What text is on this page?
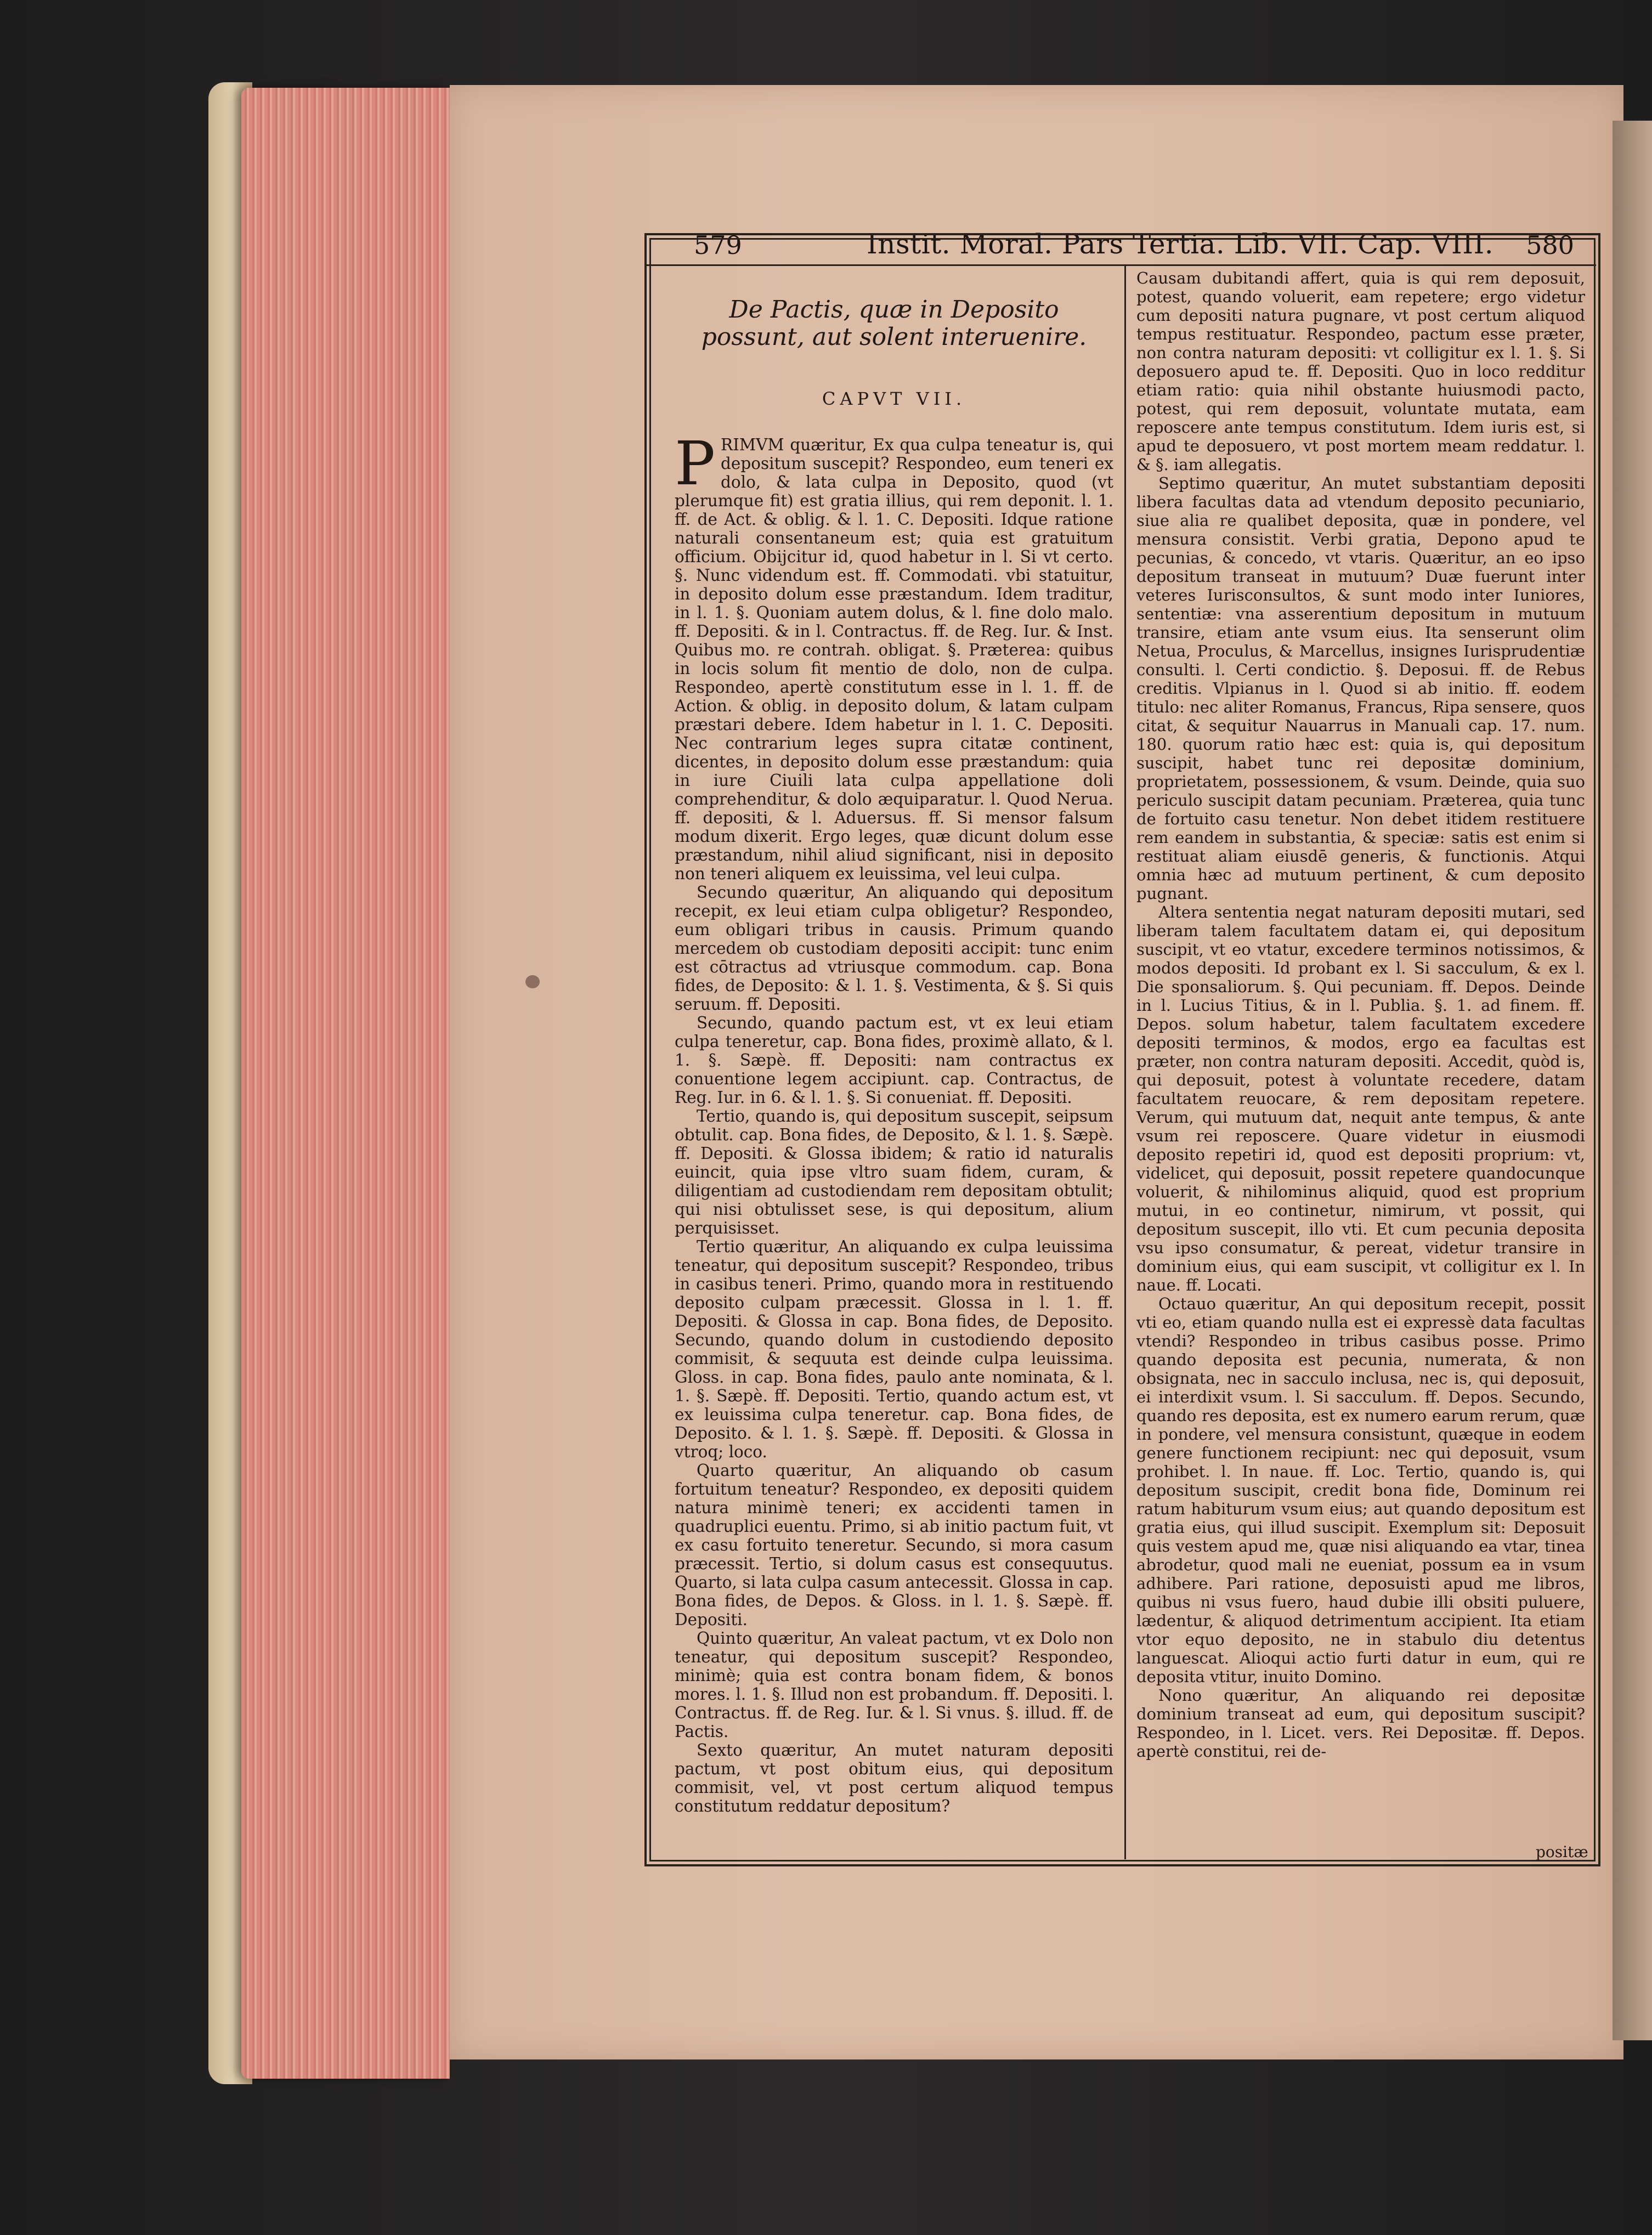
579	Instit. Moral. Pars Tertia. Lib. VII. Cap. VIII. 580
De Pactis, quæ in Deposito possunt, aut solent interuenire.
CAPVT VII.

PRIMVM quæritur, Ex qua culpa teneatur is, qui depositum suscepit? Respondeo, eum teneri ex dolo, & lata culpa in Deposito, quod (vt plerumque fit) est gratia illius, qui rem deponit. l. 1. ff. de Act. & oblig. & l. 1. C. Depositi. Idque ratione naturali consentaneum est; quia est gratuitum officium. Obijcitur id, quod habetur in l. Si vt certo. §. Nunc videndum est. ff. Commodati. vbi statuitur, in deposito dolum esse præstandum. Idem traditur, in l. 1. §. Quoniam autem dolus, & l. fine dolo malo. ff. Depositi. & in l. Contractus. ff. de Reg. Iur. & Inst. Quibus mo. re contrah. obligat. §. Præterea: quibus in locis solum fit mentio de dolo, non de culpa. Respondeo, apertè constitutum esse in l. 1. ff. de Action. & oblig. in deposito dolum, & latam culpam præstari debere. Idem habetur in l. 1. C. Depositi. Nec contrarium leges supra citatæ continent, dicentes, in deposito dolum esse præstandum: quia in iure Ciuili lata culpa appellatione doli comprehenditur, & dolo æquiparatur. l. Quod Nerua. ff. depositi, & l. Aduersus. ff. Si mensor falsum modum dixerit. Ergo leges, quæ dicunt dolum esse præstandum, nihil aliud significant, nisi in deposito non teneri aliquem ex leuissima, vel leui culpa.

Secundo quæritur, An aliquando qui depositum recepit, ex leui etiam culpa obligetur? Respondeo, eum obligari tribus in causis. Primum quando mercedem ob custodiam depositi accipit: tunc enim est cōtractus ad vtriusque commodum. cap. Bona fides, de Deposito: & l. 1. §. Vestimenta, & §. Si quis seruum. ff. Depositi.

Secundo, quando pactum est, vt ex leui etiam culpa teneretur, cap. Bona fides, proximè allato, & l. 1. §. Sæpè. ff. Depositi: nam contractus ex conuentione legem accipiunt. cap. Contractus, de Reg. Iur. in 6. & l. 1. §. Si conueniat. ff. Depositi.

Tertio, quando is, qui depositum suscepit, seipsum obtulit. cap. Bona fides, de Deposito, & l. 1. §. Sæpè. ff. Depositi. & Glossa ibidem; & ratio id naturalis euincit, quia ipse vltro suam fidem, curam, & diligentiam ad custodiendam rem depositam obtulit; qui nisi obtulisset sese, is qui depositum, alium perquisisset.

Tertio quæritur, An aliquando ex culpa leuissima teneatur, qui depositum suscepit? Respondeo, tribus in casibus teneri. Primo, quando mora in restituendo deposito culpam præcessit. Glossa in l. 1. ff. Depositi. & Glossa in cap. Bona fides, de Deposito. Secundo, quando dolum in custodiendo deposito commisit, & sequuta est deinde culpa leuissima. Gloss. in cap. Bona fides, paulo ante nominata, & l. 1. §. Sæpè. ff. Depositi. Tertio, quando actum est, vt ex leuissima culpa teneretur. cap. Bona fides, de Deposito. & l. 1. §. Sæpè. ff. Depositi. & Glossa in vtroq; loco.

Quarto quæritur, An aliquando ob casum fortuitum teneatur? Respondeo, ex depositi quidem natura minimè teneri; ex accidenti tamen in quadruplici euentu. Primo, si ab initio pactum fuit, vt ex casu fortuito teneretur. Secundo, si mora casum præcessit. Tertio, si dolum casus est consequutus. Quarto, si lata culpa casum antecessit. Glossa in cap. Bona fides, de Depos. & Gloss. in l. 1. §. Sæpè. ff. Depositi.

Quinto quæritur, An valeat pactum, vt ex Dolo non teneatur, qui depositum suscepit? Respondeo, minimè; quia est contra bonam fidem, & bonos mores. l. 1. §. Illud non est probandum. ff. Depositi. l. Contractus. ff. de Reg. Iur. & l. Si vnus. §. illud. ff. de Pactis.

Sexto quæritur, An mutet naturam depositi pactum, vt post obitum eius, qui depositum commisit, vel, vt post certum aliquod tempus constitutum reddatur depositum?

Causam dubitandi affert, quia is qui rem deposuit, potest, quando voluerit, eam repetere; ergo videtur cum depositi natura pugnare, vt post certum aliquod tempus restituatur. Respondeo, pactum esse præter, non contra naturam depositi: vt colligitur ex l. 1. §. Si deposuero apud te. ff. Depositi. Quo in loco redditur etiam ratio: quia nihil obstante huiusmodi pacto, potest, qui rem deposuit, voluntate mutata, eam reposcere ante tempus constitutum. Idem iuris est, si apud te deposuero, vt post mortem meam reddatur. l. & §. iam allegatis.

Septimo quæritur, An mutet substantiam depositi libera facultas data ad vtendum deposito pecuniario, siue alia re qualibet deposita, quæ in pondere, vel mensura consistit. Verbi gratia, Depono apud te pecunias, & concedo, vt vtaris. Quæritur, an eo ipso depositum transeat in mutuum? Duæ fuerunt inter veteres Iurisconsultos, & sunt modo inter Iuniores, sententiæ: vna asserentium depositum in mutuum transire, etiam ante vsum eius. Ita senserunt olim Netua, Proculus, & Marcellus, insignes Iurisprudentiæ consulti. l. Certi condictio. §. Deposui. ff. de Rebus creditis. Vlpianus in l. Quod si ab initio. ff. eodem titulo: nec aliter Romanus, Francus, Ripa sensere, quos citat, & sequitur Nauarrus in Manuali cap. 17. num. 180. quorum ratio hæc est: quia is, qui depositum suscipit, habet tunc rei depositæ dominium, proprietatem, possessionem, & vsum. Deinde, quia suo periculo suscipit datam pecuniam. Præterea, quia tunc de fortuito casu tenetur. Non debet itidem restituere rem eandem in substantia, & speciæ: satis est enim si restituat aliam eiusdē generis, & functionis. Atqui omnia hæc ad mutuum pertinent, & cum deposito pugnant.

Altera sententia negat naturam depositi mutari, sed liberam talem facultatem datam ei, qui depositum suscipit, vt eo vtatur, excedere terminos notissimos, & modos depositi. Id probant ex l. Si sacculum, & ex l. Die sponsaliorum. §. Qui pecuniam. ff. Depos. Deinde in l. Lucius Titius, & in l. Publia. §. 1. ad finem. ff. Depos. solum habetur, talem facultatem excedere depositi terminos, & modos, ergo ea facultas est præter, non contra naturam depositi. Accedit, quòd is, qui deposuit, potest à voluntate recedere, datam facultatem reuocare, & rem depositam repetere. Verum, qui mutuum dat, nequit ante tempus, & ante vsum rei reposcere. Quare videtur in eiusmodi deposito repetiri id, quod est depositi proprium: vt, videlicet, qui deposuit, possit repetere quandocunque voluerit, & nihilominus aliquid, quod est proprium mutui, in eo continetur, nimirum, vt possit, qui depositum suscepit, illo vti. Et cum pecunia deposita vsu ipso consumatur, & pereat, videtur transire in dominium eius, qui eam suscipit, vt colligitur ex l. In naue. ff. Locati.

Octauo quæritur, An qui depositum recepit, possit vti eo, etiam quando nulla est ei expressè data facultas vtendi? Respondeo in tribus casibus posse. Primo quando deposita est pecunia, numerata, & non obsignata, nec in sacculo inclusa, nec is, qui deposuit, ei interdixit vsum. l. Si sacculum. ff. Depos. Secundo, quando res deposita, est ex numero earum rerum, quæ in pondere, vel mensura consistunt, quæque in eodem genere functionem recipiunt: nec qui deposuit, vsum prohibet. l. In naue. ff. Loc. Tertio, quando is, qui depositum suscipit, credit bona fide, Dominum rei ratum habiturum vsum eius; aut quando depositum est gratia eius, qui illud suscipit. Exemplum sit: Deposuit quis vestem apud me, quæ nisi aliquando ea vtar, tinea abrodetur, quod mali ne eueniat, possum ea in vsum adhibere. Pari ratione, deposuisti apud me libros, quibus ni vsus fuero, haud dubie illi obsiti puluere, lædentur, & aliquod detrimentum accipient. Ita etiam vtor equo deposito, ne in stabulo diu detentus languescat. Alioqui actio furti datur in eum, qui re deposita vtitur, inuito Domino.

Nono quæritur, An aliquando rei depositæ dominium transeat ad eum, qui depositum suscipit? Respondeo, in l. Licet. vers. Rei Depositæ. ff. Depos. apertè constitui, rei de-

positæ
